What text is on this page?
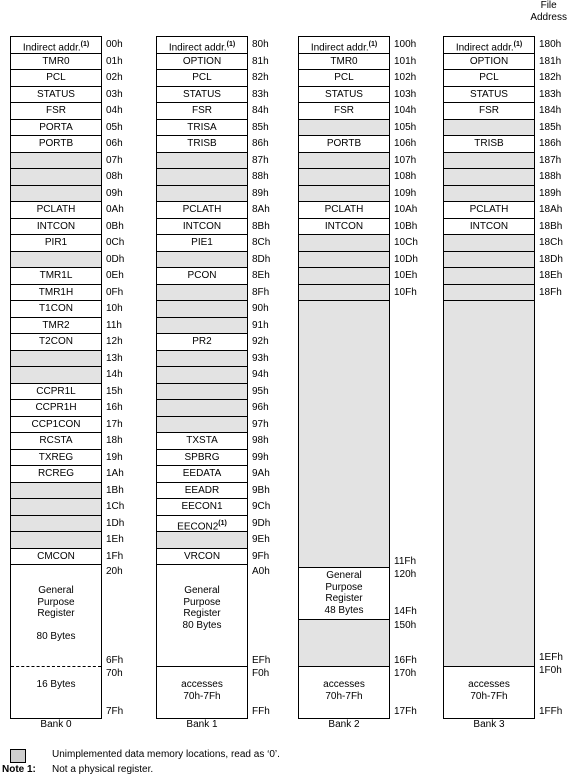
File
Address
00h
01h
02h
03h
04h
05h
06h
07h
08h
09h
0Ah
0Bh
0Ch
0Dh
0Eh
0Fh
10h
11h
12h
13h
14h
15h
16h
17h
18h
19h
1Ah
1Bh
1Ch
1Dh
1Eh
1Fh
20h
6Fh
70h
7Fh
Bank 0
Indirect addr.$^{(1)}$
TMR0
PCL
STATUS
FSR
PORTA
PORTB
PCLATH
INTCON
PIR1
TMR1L
TMR1H
T1CON
TMR2
T2CON
CCPR1L
CCPR1H
CCP1CON
RCSTA
TXREG
RCREG
CMCON
General
Purpose
Register

80 Bytes
16 Bytes
80h
81h
82h
83h
84h
85h
86h
87h
88h
89h
8Ah
8Bh
8Ch
8Dh
8Eh
8Fh
90h
91h
92h
93h
94h
95h
96h
97h
98h
99h
9Ah
9Bh
9Ch
9Dh
9Eh
9Fh
A0h
EFh
F0h
FFh
Bank 1
Indirect addr.$^{(1)}$
OPTION
PCL
STATUS
FSR
TRISA
TRISB
PCLATH
INTCON
PIE1
PCON
PR2
TXSTA
SPBRG
EEDATA
EEADR
EECON1
EECON2$^{(1)}$
VRCON
General
Purpose
Register
80 Bytes
accesses
70h-7Fh
100h
101h
102h
103h
104h
105h
106h
107h
108h
109h
10Ah
10Bh
10Ch
10Dh
10Eh
10Fh
11Fh
120h
14Fh
150h
16Fh
170h
17Fh
Bank 2
Indirect addr.$^{(1)}$
TMR0
PCL
STATUS
FSR
PORTB
PCLATH
INTCON
General
Purpose
Register
48 Bytes
accesses
70h-7Fh
180h
181h
182h
183h
184h
185h
186h
187h
188h
189h
18Ah
18Bh
18Ch
18Dh
18Eh
18Fh
1EFh
1F0h
1FFh
Bank 3
Indirect addr.$^{(1)}$
OPTION
PCL
STATUS
FSR
TRISB
PCLATH
INTCON
accesses
70h-7Fh
Unimplemented data memory locations, read as ‘0’.
Note 1: Not a physical register.
